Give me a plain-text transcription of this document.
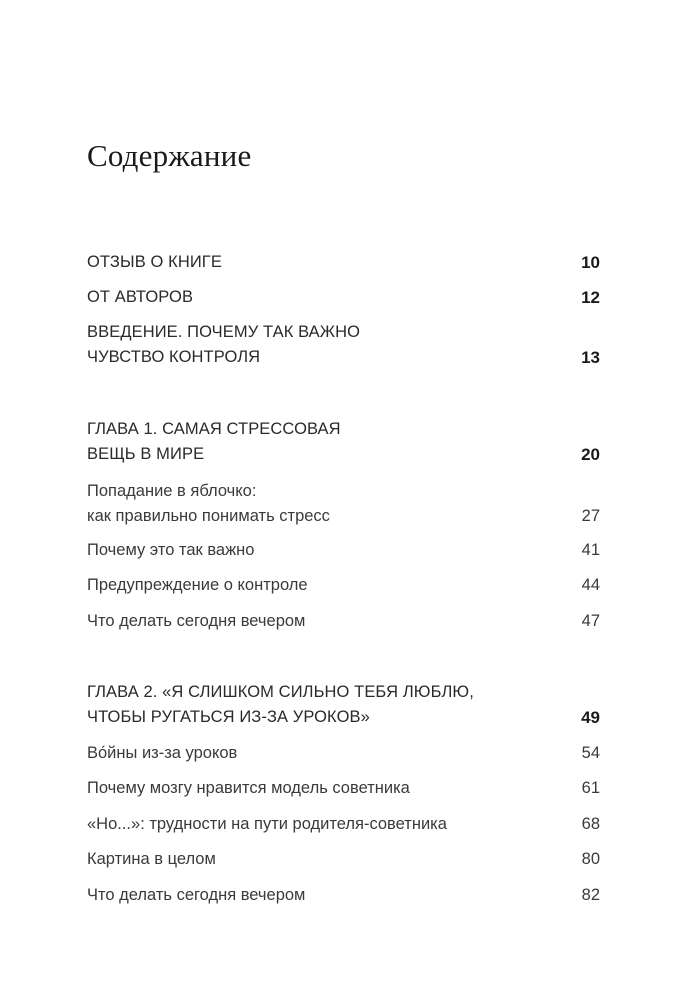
Содержание
ОТЗЫВ О КНИГЕ	10
ОТ АВТОРОВ	12
ВВЕДЕНИЕ. ПОЧЕМУ ТАК ВАЖНО
ЧУВСТВО КОНТРОЛЯ	13
ГЛАВА 1. САМАЯ СТРЕССОВАЯ
ВЕЩЬ В МИРЕ	20
Попадание в яблочко:
как правильно понимать стресс	27
Почему это так важно	41
Предупреждение о контроле	44
Что делать сегодня вечером	47
ГЛАВА 2. «Я СЛИШКОМ СИЛЬНО ТЕБЯ ЛЮБЛЮ,
ЧТОБЫ РУГАТЬСЯ ИЗ-ЗА УРОКОВ»	49
Во́йны из-за уроков	54
Почему мозгу нравится модель советника	61
«Но...»: трудности на пути родителя-советника	68
Картина в целом	80
Что делать сегодня вечером	82
